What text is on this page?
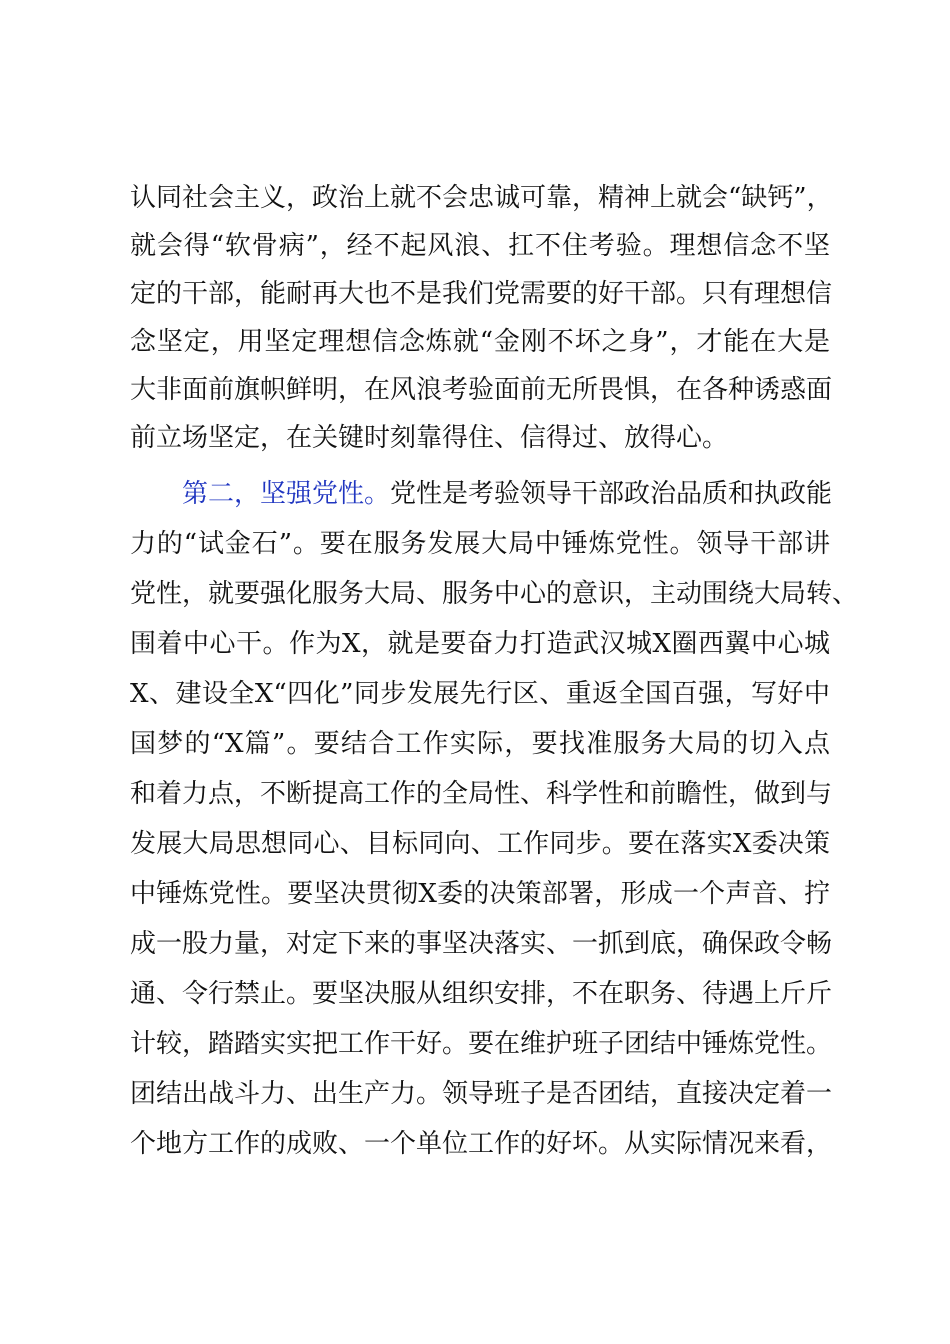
认同社会主义，政治上就不会忠诚可靠，精神上就会“缺钙”，
就会得“软骨病”，经不起风浪、扛不住考验。理想信念不坚
定的干部，能耐再大也不是我们党需要的好干部。只有理想信
念坚定，用坚定理想信念炼就“金刚不坏之身”，才能在大是
大非面前旗帜鲜明，在风浪考验面前无所畏惧，在各种诱惑面
前立场坚定，在关键时刻靠得住、信得过、放得心。
第二，坚强党性。党性是考验领导干部政治品质和执政能
力的“试金石”。要在服务发展大局中锤炼党性。领导干部讲
党性，就要强化服务大局、服务中心的意识，主动围绕大局转、
围着中心干。作为X，就是要奋力打造武汉城X圈西翼中心城
X、建设全X“四化”同步发展先行区、重返全国百强，写好中
国梦的“X篇”。要结合工作实际，要找准服务大局的切入点
和着力点，不断提高工作的全局性、科学性和前瞻性，做到与
发展大局思想同心、目标同向、工作同步。要在落实X委决策
中锤炼党性。要坚决贯彻X委的决策部署，形成一个声音、拧
成一股力量，对定下来的事坚决落实、一抓到底，确保政令畅
通、令行禁止。要坚决服从组织安排，不在职务、待遇上斤斤
计较，踏踏实实把工作干好。要在维护班子团结中锤炼党性。
团结出战斗力、出生产力。领导班子是否团结，直接决定着一
个地方工作的成败、一个单位工作的好坏。从实际情况来看，
